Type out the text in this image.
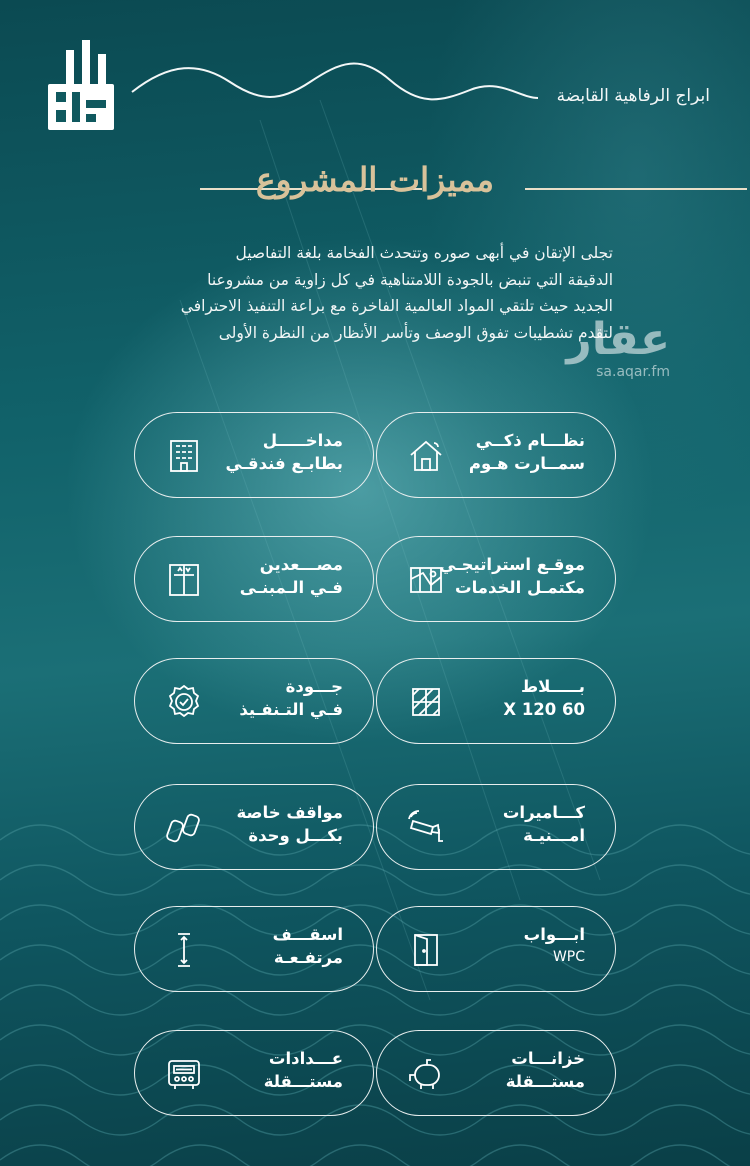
ابراج الرفاهية القابضة
مميزات المشروع
تجلى الإتقان في أبهى صوره وتتحدث الفخامة بلغة التفاصيل
الدقيقة التي تنبض بالجودة اللامتناهية في كل زاوية من مشروعنا
الجديد حيث تلتقي المواد العالمية الفاخرة مع براعة التنفيذ الاحترافي
لتقدم تشطيبات تفوق الوصف وتأسر الأنظار من النظرة الأولى
عقار
sa.aqar.fm
نظـــام ذكــي
سمــارت هـوم
مداخـــــل
بطابـع فندقـي
موقـع استراتيجـي
مكتمـل الخدمات
مصـــعدين
فـي الـمبنـى
بـــــلاط
60 X 120
جـــودة
فـي التـنفـيذ
كـــاميرات
امـــنيـة
مواقف خاصة
بكـــل وحدة
ابـــواب
WPC
اسقـــف
مرتفـعـة
خزانـــات
مستـــقلة
عـــدادات
مستـــقلة
